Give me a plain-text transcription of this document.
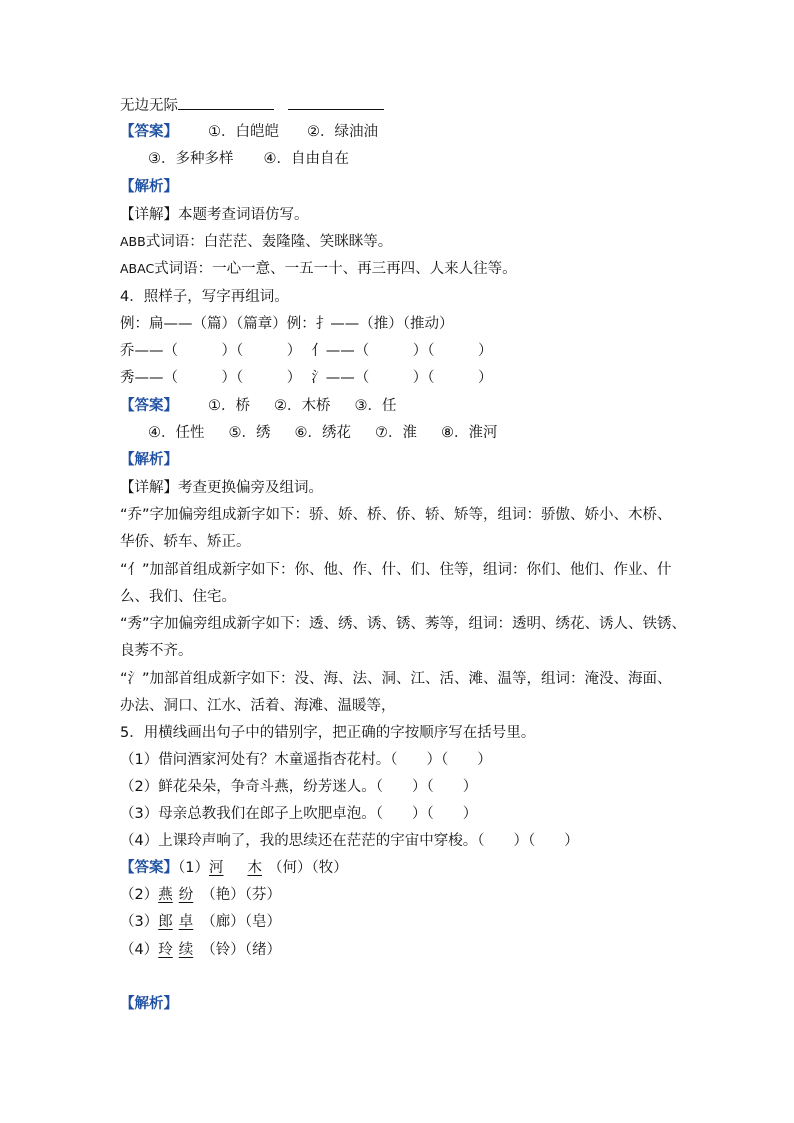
无边无际
【答案】 ①．白皑皑 ②．绿油油
③．多种多样 ④．自由自在
【解析】
【详解】本题考查词语仿写。
ABB式词语：白茫茫、轰隆隆、笑眯眯等。
ABAC式词语：一心一意、一五一十、再三再四、人来人往等。
4．照样子，写字再组词。
例：扁——（篇）（篇章）例：扌——（推）（推动）
乔——（　　　）（　　　） 亻——（　　　）（　　　）
秀——（　　　）（　　　） 氵——（　　　）（　　　）
【答案】 ①．桥 ②．木桥 ③．任
④．任性 ⑤．绣 ⑥．绣花 ⑦．淮 ⑧．淮河
【解析】
【详解】考查更换偏旁及组词。
“乔”字加偏旁组成新字如下：骄、娇、桥、侨、轿、矫等，组词：骄傲、娇小、木桥、
华侨、轿车、矫正。
“亻”加部首组成新字如下：你、他、作、什、们、住等，组词：你们、他们、作业、什
么、我们、住宅。
“秀”字加偏旁组成新字如下：透、绣、诱、锈、莠等，组词：透明、绣花、诱人、铁锈、
良莠不齐。
“氵”加部首组成新字如下：没、海、法、洞、江、活、滩、温等，组词：淹没、海面、
办法、洞口、江水、活着、海滩、温暖等，
5．用横线画出句子中的错别字，把正确的字按顺序写在括号里。
（1）借问酒家河处有？木童遥指杏花村。（　　）（　　）
（2）鲜花朵朵，争奇斗燕，纷芳迷人。（　　）（　　）
（3）母亲总教我们在郎子上吹肥卓泡。（　　）（　　）
（4）上课玲声响了，我的思续还在茫茫的宇宙中穿梭。（　　）（　　）
【答案】（1）河 木 （何）（牧）
（2）燕 纷 （艳）（芬）
（3）郎 卓 （廊）（皂）
（4）玲 续 （铃）（绪）
【解析】
